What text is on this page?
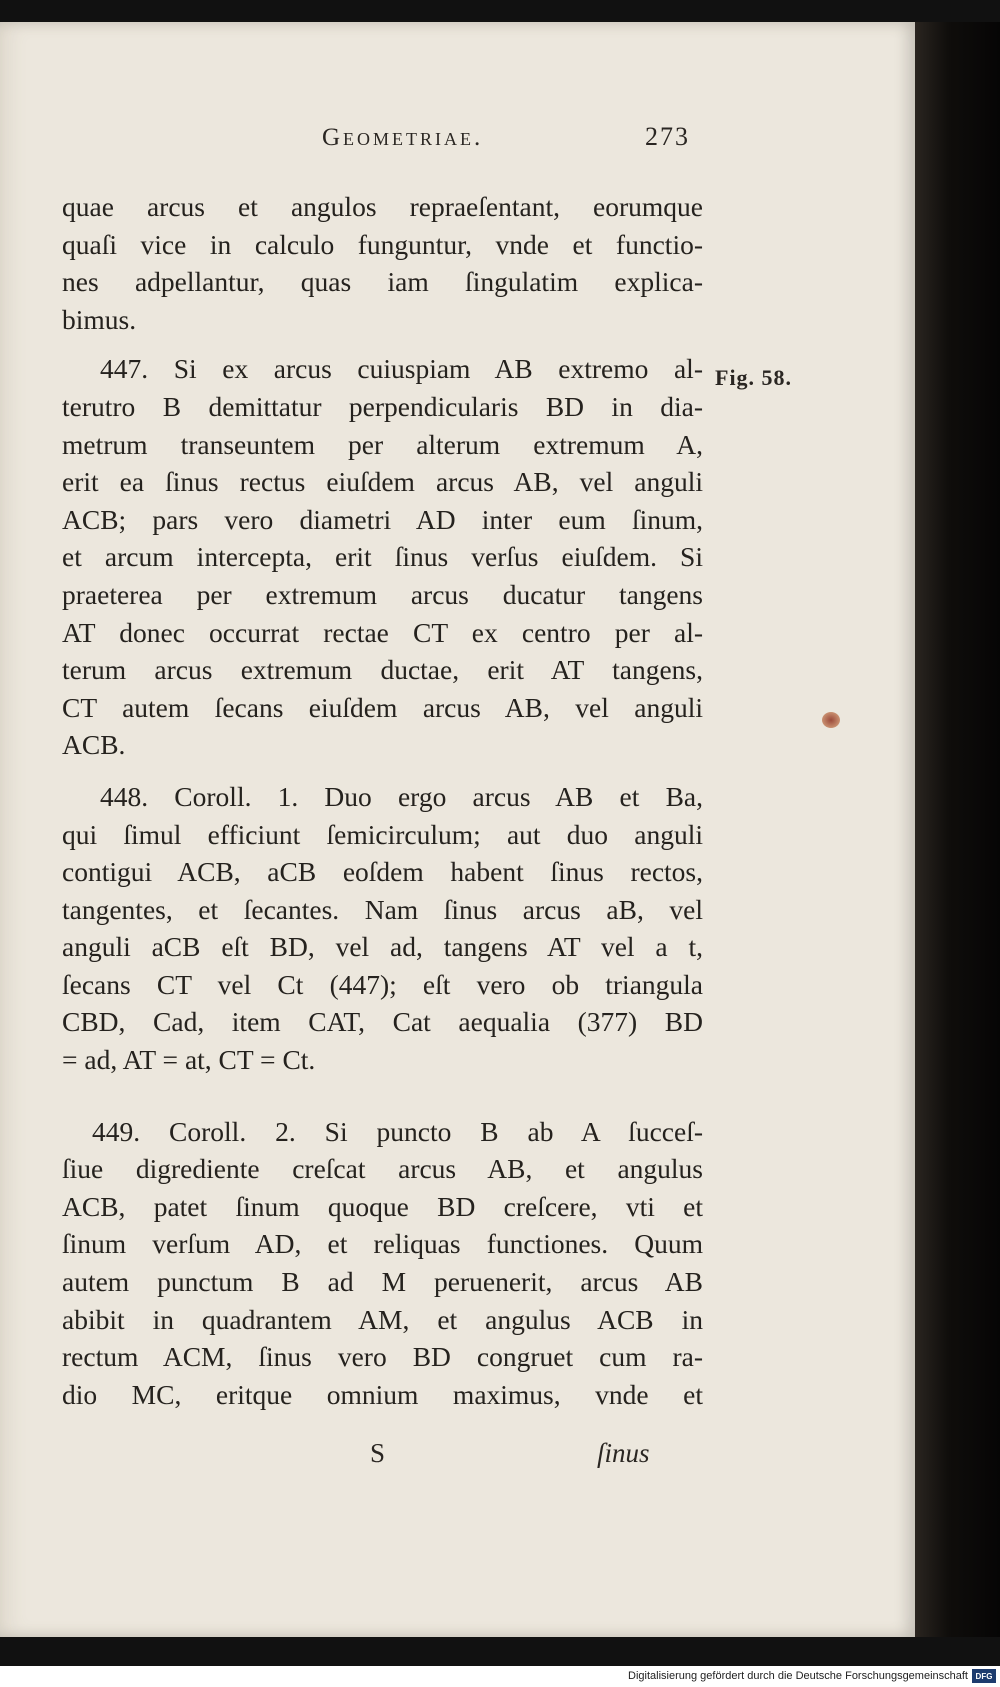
Geometriae.	273
Fig. 58.
quae arcus et angulos repraeſentant, eorumque
quaſi vice in calculo funguntur, vnde et functio-
nes adpellantur, quas iam ſingulatim explica-
bimus.
447. Si ex arcus cuiuspiam AB extremo al-
terutro B demittatur perpendicularis BD in dia-
metrum transeuntem per alterum extremum A,
erit ea ſinus rectus eiuſdem arcus AB, vel anguli
ACB; pars vero diametri AD inter eum ſinum,
et arcum intercepta, erit ſinus verſus eiuſdem. Si
praeterea per extremum arcus ducatur tangens
AT donec occurrat rectae CT ex centro per al-
terum arcus extremum ductae, erit AT tangens,
CT autem ſecans eiuſdem arcus AB, vel anguli
ACB.
448. Coroll. 1. Duo ergo arcus AB et Ba,
qui ſimul efficiunt ſemicirculum; aut duo anguli
contigui ACB, aCB eoſdem habent ſinus rectos,
tangentes, et ſecantes. Nam ſinus arcus aB, vel
anguli aCB eſt BD, vel ad, tangens AT vel a t,
ſecans CT vel Ct (447); eſt vero ob triangula
CBD, Cad, item CAT, Cat aequalia (377) BD
= ad, AT = at, CT = Ct.
449. Coroll. 2. Si puncto B ab A ſucceſ-
ſiue digrediente creſcat arcus AB, et angulus
ACB, patet ſinum quoque BD creſcere, vti et
ſinum verſum AD, et reliquas functiones. Quum
autem punctum B ad M peruenerit, arcus AB
abibit in quadrantem AM, et angulus ACB in
rectum ACM, ſinus vero BD congruet cum ra-
dio MC, eritque omnium maximus, vnde et
S	ſinus
Digitalisierung gefördert durch die Deutsche Forschungsgemeinschaft DFG
